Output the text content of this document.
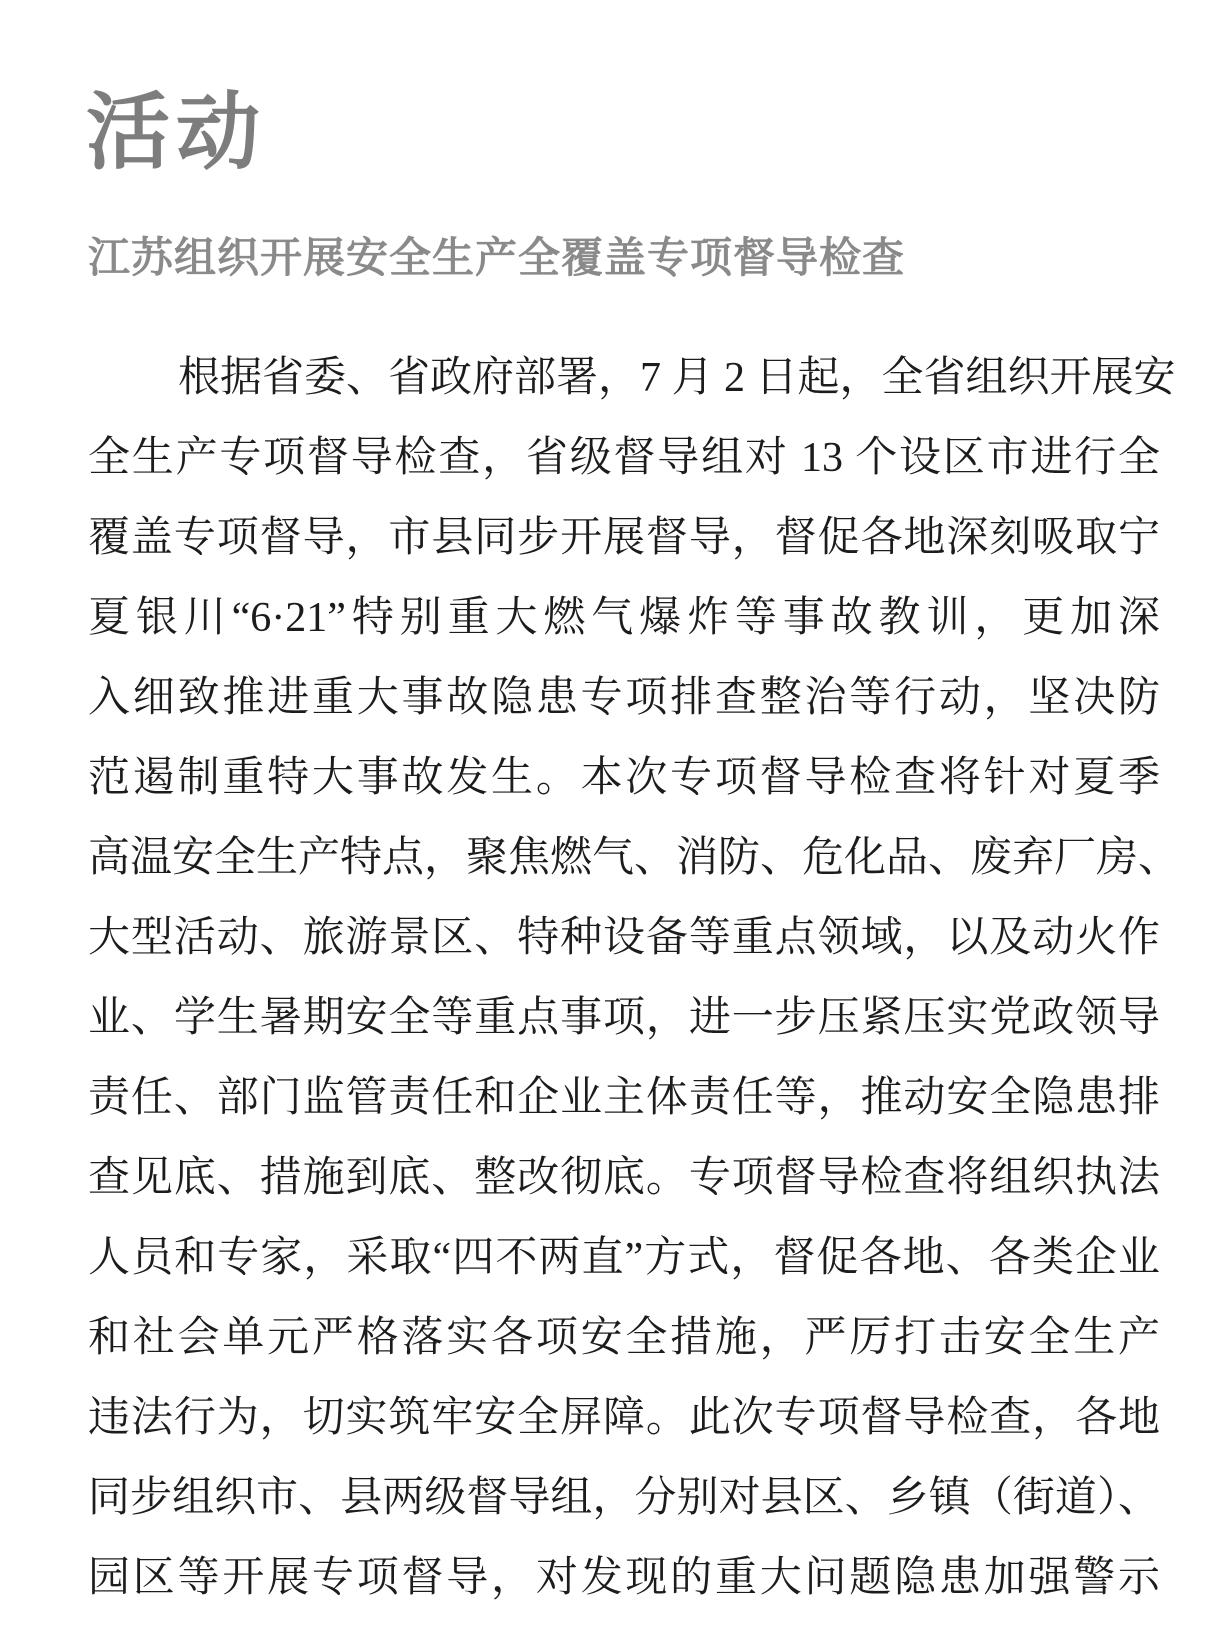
活动
江苏组织开展安全生产全覆盖专项督导检查
根据省委、省政府部署，7 月 2 日起，全省组织开展安
全生产专项督导检查，省级督导组对 13 个设区市进行全
覆盖专项督导，市县同步开展督导，督促各地深刻吸取宁
夏银川“6·21”特别重大燃气爆炸等事故教训，更加深
入细致推进重大事故隐患专项排查整治等行动，坚决防
范遏制重特大事故发生。本次专项督导检查将针对夏季
高温安全生产特点，聚焦燃气、消防、危化品、废弃厂房、
大型活动、旅游景区、特种设备等重点领域，以及动火作
业、学生暑期安全等重点事项，进一步压紧压实党政领导
责任、部门监管责任和企业主体责任等，推动安全隐患排
查见底、措施到底、整改彻底。专项督导检查将组织执法
人员和专家，采取“四不两直”方式，督促各地、各类企业
和社会单元严格落实各项安全措施，严厉打击安全生产
违法行为，切实筑牢安全屏障。此次专项督导检查，各地
同步组织市、县两级督导组，分别对县区、乡镇（街道）、
园区等开展专项督导，对发现的重大问题隐患加强警示
